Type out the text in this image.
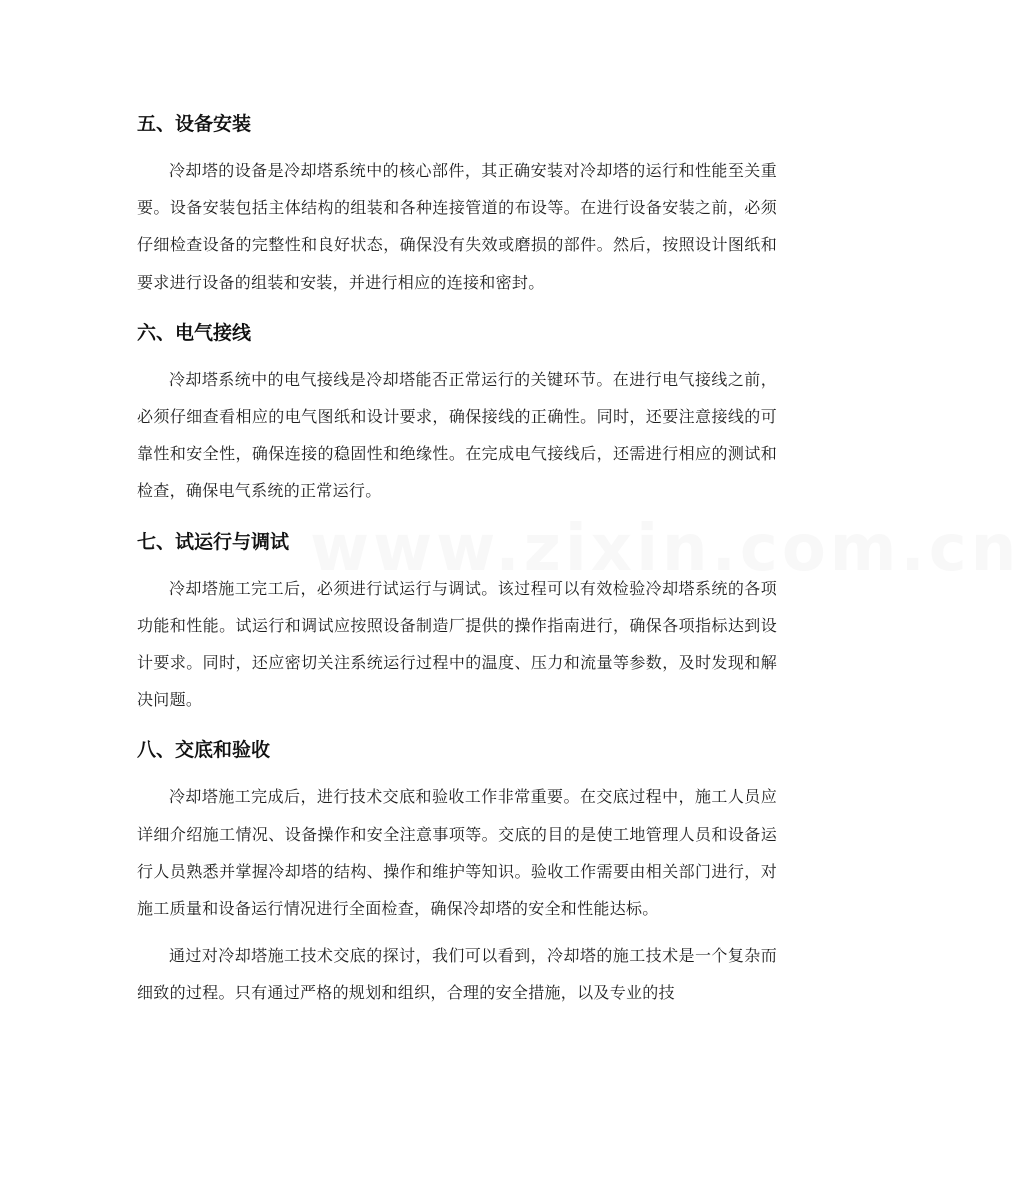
www.zixin.com.cn
五、设备安装

冷却塔的设备是冷却塔系统中的核心部件，其正确安装对冷却塔的运行和性能至关重要。设备安装包括主体结构的组装和各种连接管道的布设等。在进行设备安装之前，必须仔细检查设备的完整性和良好状态，确保没有失效或磨损的部件。然后，按照设计图纸和要求进行设备的组装和安装，并进行相应的连接和密封。

六、电气接线

冷却塔系统中的电气接线是冷却塔能否正常运行的关键环节。在进行电气接线之前，必须仔细查看相应的电气图纸和设计要求，确保接线的正确性。同时，还要注意接线的可靠性和安全性，确保连接的稳固性和绝缘性。在完成电气接线后，还需进行相应的测试和检查，确保电气系统的正常运行。

七、试运行与调试

冷却塔施工完工后，必须进行试运行与调试。该过程可以有效检验冷却塔系统的各项功能和性能。试运行和调试应按照设备制造厂提供的操作指南进行，确保各项指标达到设计要求。同时，还应密切关注系统运行过程中的温度、压力和流量等参数，及时发现和解决问题。

八、交底和验收

冷却塔施工完成后，进行技术交底和验收工作非常重要。在交底过程中，施工人员应详细介绍施工情况、设备操作和安全注意事项等。交底的目的是使工地管理人员和设备运行人员熟悉并掌握冷却塔的结构、操作和维护等知识。验收工作需要由相关部门进行，对施工质量和设备运行情况进行全面检查，确保冷却塔的安全和性能达标。

通过对冷却塔施工技术交底的探讨，我们可以看到，冷却塔的施工技术是一个复杂而细致的过程。只有通过严格的规划和组织，合理的安全措施，以及专业的技
